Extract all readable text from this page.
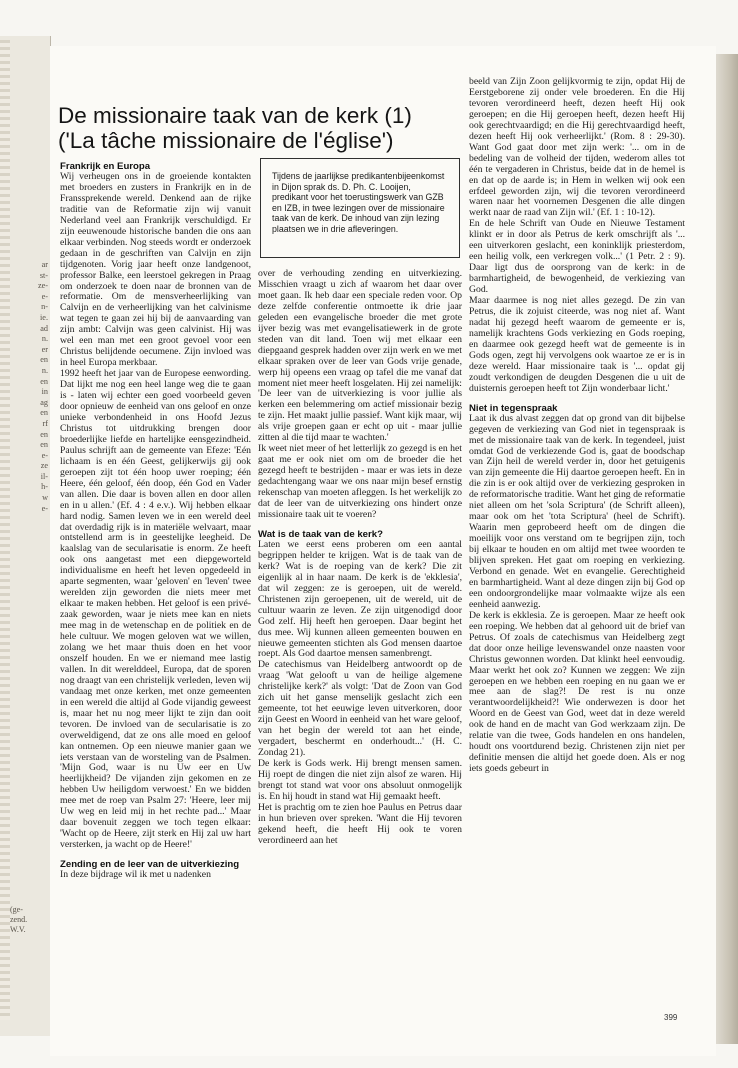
ar
st-
ze-
e-
n-
ie.
ad
n.
er
en
n.
en
in
ag
en
rf
en
en
e-
ze
il-
h-
w
e-
(ge-
zend.
W.V.
De missionaire taak van de kerk (1)
('La tâche missionaire de l'église')
Frankrijk en Europa

Wij verheugen ons in de groeiende kontakten met broeders en zusters in Frankrijk en in de Franssprekende wereld. Denkend aan de rijke traditie van de Reformatie zijn wij vanuit Nederland veel aan Frankrijk verschuldigd. Er zijn eeuwenoude historische banden die ons aan elkaar verbinden. Nog steeds wordt er onderzoek gedaan in de geschriften van Calvijn en zijn tijdgenoten. Vorig jaar heeft onze landgenoot, professor Balke, een leerstoel gekregen in Praag om onderzoek te doen naar de bronnen van de reformatie. Om de mensverheerlijking van Calvijn en de verheerlijking van het calvinisme wat tegen te gaan zei hij bij de aanvaarding van zijn ambt: Calvijn was geen calvinist. Hij was wel een man met een groot gevoel voor een Christus belijdende oecumene. Zijn invloed was in heel Europa merkbaar.

1992 heeft het jaar van de Europese eenwording. Dat lijkt me nog een heel lange weg die te gaan is - laten wij echter een goed voorbeeld geven door opnieuw de eenheid van ons geloof en onze unieke verbondenheid in ons Hoofd Jezus Christus tot uitdrukking brengen door broederlijke liefde en hartelijke eensgezindheid. Paulus schrijft aan de gemeente van Efeze: 'Eén lichaam is en één Geest, gelijkerwijs gij ook geroepen zijt tot één hoop uwer roeping; één Heere, één geloof, één doop, één God en Vader van allen. Die daar is boven allen en door allen en in u allen.' (Ef. 4 : 4 e.v.). Wij hebben elkaar hard nodig. Samen leven we in een wereld deel dat overdadig rijk is in materiële welvaart, maar ontstellend arm is in geestelijke leegheid. De kaalslag van de secularisatie is enorm. Ze heeft ook ons aangetast met een diepgeworteld individualisme en heeft het leven opgedeeld in aparte segmenten, waar 'geloven' en 'leven' twee werelden zijn geworden die niets meer met elkaar te maken hebben. Het geloof is een privé-zaak geworden, waar je niets mee kan en niets mee mag in de wetenschap en de politiek en de hele cultuur. We mogen geloven wat we willen, zolang we het maar thuis doen en het voor onszelf houden. En we er niemand mee lastig vallen. In dit werelddeel, Europa, dat de sporen nog draagt van een christelijk verleden, leven wij vandaag met onze kerken, met onze gemeenten in een wereld die altijd al Gode vijandig geweest is, maar het nu nog meer lijkt te zijn dan ooit tevoren. De invloed van de secularisatie is zo overweldigend, dat ze ons alle moed en geloof kan ontnemen. Op een nieuwe manier gaan we iets verstaan van de worsteling van de Psalmen. 'Mijn God, waar is nu Uw eer en Uw heerlijkheid? De vijanden zijn gekomen en ze hebben Uw heiligdom verwoest.' En we bidden mee met de roep van Psalm 27: 'Heere, leer mij Uw weg en leid mij in het rechte pad...' Maar daar bovenuit zeggen we toch tegen elkaar: 'Wacht op de Heere, zijt sterk en Hij zal uw hart versterken, ja wacht op de Heere!'

Zending en de leer van de uitverkiezing

In deze bijdrage wil ik met u nadenken

Tijdens de jaarlijkse predikantenbijeenkomst in Dijon sprak ds. D. Ph. C. Looijen, predikant voor het toerustingswerk van GZB en IZB, in twee lezingen over de missionaire taak van de kerk. De inhoud van zijn lezing plaatsen we in drie afleveringen.

over de verhouding zending en uitverkiezing. Misschien vraagt u zich af waarom het daar over moet gaan. Ik heb daar een speciale reden voor. Op deze zelfde conferentie ontmoette ik drie jaar geleden een evangelische broeder die met grote ijver bezig was met evangelisatiewerk in de grote steden van dit land. Toen wij met elkaar een diepgaand gesprek hadden over zijn werk en we met elkaar spraken over de leer van Gods vrije genade, werp hij opeens een vraag op tafel die me vanaf dat moment niet meer heeft losgelaten. Hij zei namelijk: 'De leer van de uitverkiezing is voor jullie als kerken een belemmering om actief missionair bezig te zijn. Het maakt jullie passief. Want kijk maar, wij als vrije groepen gaan er echt op uit - maar jullie zitten al die tijd maar te wachten.'

Ik weet niet meer of het letterlijk zo gezegd is en het gaat me er ook niet om om de broeder die het gezegd heeft te bestrijden - maar er was iets in deze gedachtengang waar we ons naar mijn besef ernstig rekenschap van moeten afleggen. Is het werkelijk zo dat de leer van de uitverkiezing ons hindert onze missionaire taak uit te voeren?

Wat is de taak van de kerk?

Laten we eerst eens proberen om een aantal begrippen helder te krijgen. Wat is de taak van de kerk? Wat is de roeping van de kerk? Die zit eigenlijk al in haar naam. De kerk is de 'ekklesia', dat wil zeggen: ze is geroepen, uit de wereld. Christenen zijn geroepenen, uit de wereld, uit de cultuur waarin ze leven. Ze zijn uitgenodigd door God zelf. Hij heeft hen geroepen. Daar begint het dus mee. Wij kunnen alleen gemeenten bouwen en nieuwe gemeenten stichten als God mensen daartoe roept. Als God daartoe mensen samenbrengt.

De catechismus van Heidelberg antwoordt op de vraag 'Wat gelooft u van de heilige algemene christelijke kerk?' als volgt: 'Dat de Zoon van God zich uit het ganse menselijk geslacht zich een gemeente, tot het eeuwige leven uitverkoren, door zijn Geest en Woord in eenheid van het ware geloof, van het begin der wereld tot aan het einde, vergadert, beschermt en onderhoudt...' (H. C. Zondag 21).

De kerk is Gods werk. Hij brengt mensen samen. Hij roept de dingen die niet zijn alsof ze waren. Hij brengt tot stand wat voor ons absoluut onmogelijk is. En hij houdt in stand wat Hij gemaakt heeft.

Het is prachtig om te zien hoe Paulus en Petrus daar in hun brieven over spreken. 'Want die Hij tevoren gekend heeft, die heeft Hij ook te voren verordineerd aan het

beeld van Zijn Zoon gelijkvormig te zijn, opdat Hij de Eerstgeborene zij onder vele broederen. En die Hij tevoren verordineerd heeft, dezen heeft Hij ook geroepen; en die Hij geroepen heeft, dezen heeft Hij ook gerechtvaardigd; en die Hij gerechtvaardigd heeft, dezen heeft Hij ook verheerlijkt.' (Rom. 8 : 29-30). Want God gaat door met zijn werk: '... om in de bedeling van de volheid der tijden, wederom alles tot één te vergaderen in Christus, beide dat in de hemel is en dat op de aarde is; in Hem in welken wij ook een erfdeel geworden zijn, wij die tevoren verordineerd waren naar het voornemen Desgenen die alle dingen werkt naar de raad van Zijn wil.' (Ef. 1 : 10-12).

En de hele Schrift van Oude en Nieuwe Testament klinkt er in door als Petrus de kerk omschrijft als '... een uitverkoren geslacht, een koninklijk priesterdom, een heilig volk, een verkregen volk...' (1 Petr. 2 : 9). Daar ligt dus de oorsprong van de kerk: in de barmhartigheid, de bewogenheid, de verkiezing van God.

Maar daarmee is nog niet alles gezegd. De zin van Petrus, die ik zojuist citeerde, was nog niet af. Want nadat hij gezegd heeft waarom de gemeente er is, namelijk krachtens Gods verkiezing en Gods roeping, en daarmee ook gezegd heeft wat de gemeente is in Gods ogen, zegt hij vervolgens ook waartoe ze er is in deze wereld. Haar missionaire taak is '... opdat gij zoudt verkondigen de deugden Desgenen die u uit de duisternis geroepen heeft tot Zijn wonderbaar licht.'

Niet in tegenspraak

Laat ik dus alvast zeggen dat op grond van dit bijbelse gegeven de verkiezing van God niet in tegenspraak is met de missionaire taak van de kerk. In tegendeel, juist omdat God de verkiezende God is, gaat de boodschap van Zijn heil de wereld verder in, door het getuigenis van zijn gemeente die Hij daartoe geroepen heeft. En in die zin is er ook altijd over de verkiezing gesproken in de reformatorische traditie. Want het ging de reformatie niet alleen om het 'sola Scriptura' (de Schrift alleen), maar ook om het 'tota Scriptura' (heel de Schrift). Waarin men geprobeerd heeft om de dingen die moeilijk voor ons verstand om te begrijpen zijn, toch bij elkaar te houden en om altijd met twee woorden te blijven spreken. Het gaat om roeping en verkiezing. Verbond en genade. Wet en evangelie. Gerechtigheid en barmhartigheid. Want al deze dingen zijn bij God op een ondoorgrondelijke maar volmaakte wijze als een eenheid aanwezig.

De kerk is ekklesia. Ze is geroepen. Maar ze heeft ook een roeping. We hebben dat al gehoord uit de brief van Petrus. Of zoals de catechismus van Heidelberg zegt dat door onze heilige levenswandel onze naasten voor Christus gewonnen worden. Dat klinkt heel eenvoudig. Maar werkt het ook zo? Kunnen we zeggen: We zijn geroepen en we hebben een roeping en nu gaan we er mee aan de slag?! De rest is nu onze verantwoordelijkheid?! Wie onderwezen is door het Woord en de Geest van God, weet dat in deze wereld ook de hand en de macht van God werkzaam zijn. De relatie van die twee, Gods handelen en ons handelen, houdt ons voortdurend bezig. Christenen zijn niet per definitie mensen die altijd het goede doen. Als er nog iets goeds gebeurt in

399
